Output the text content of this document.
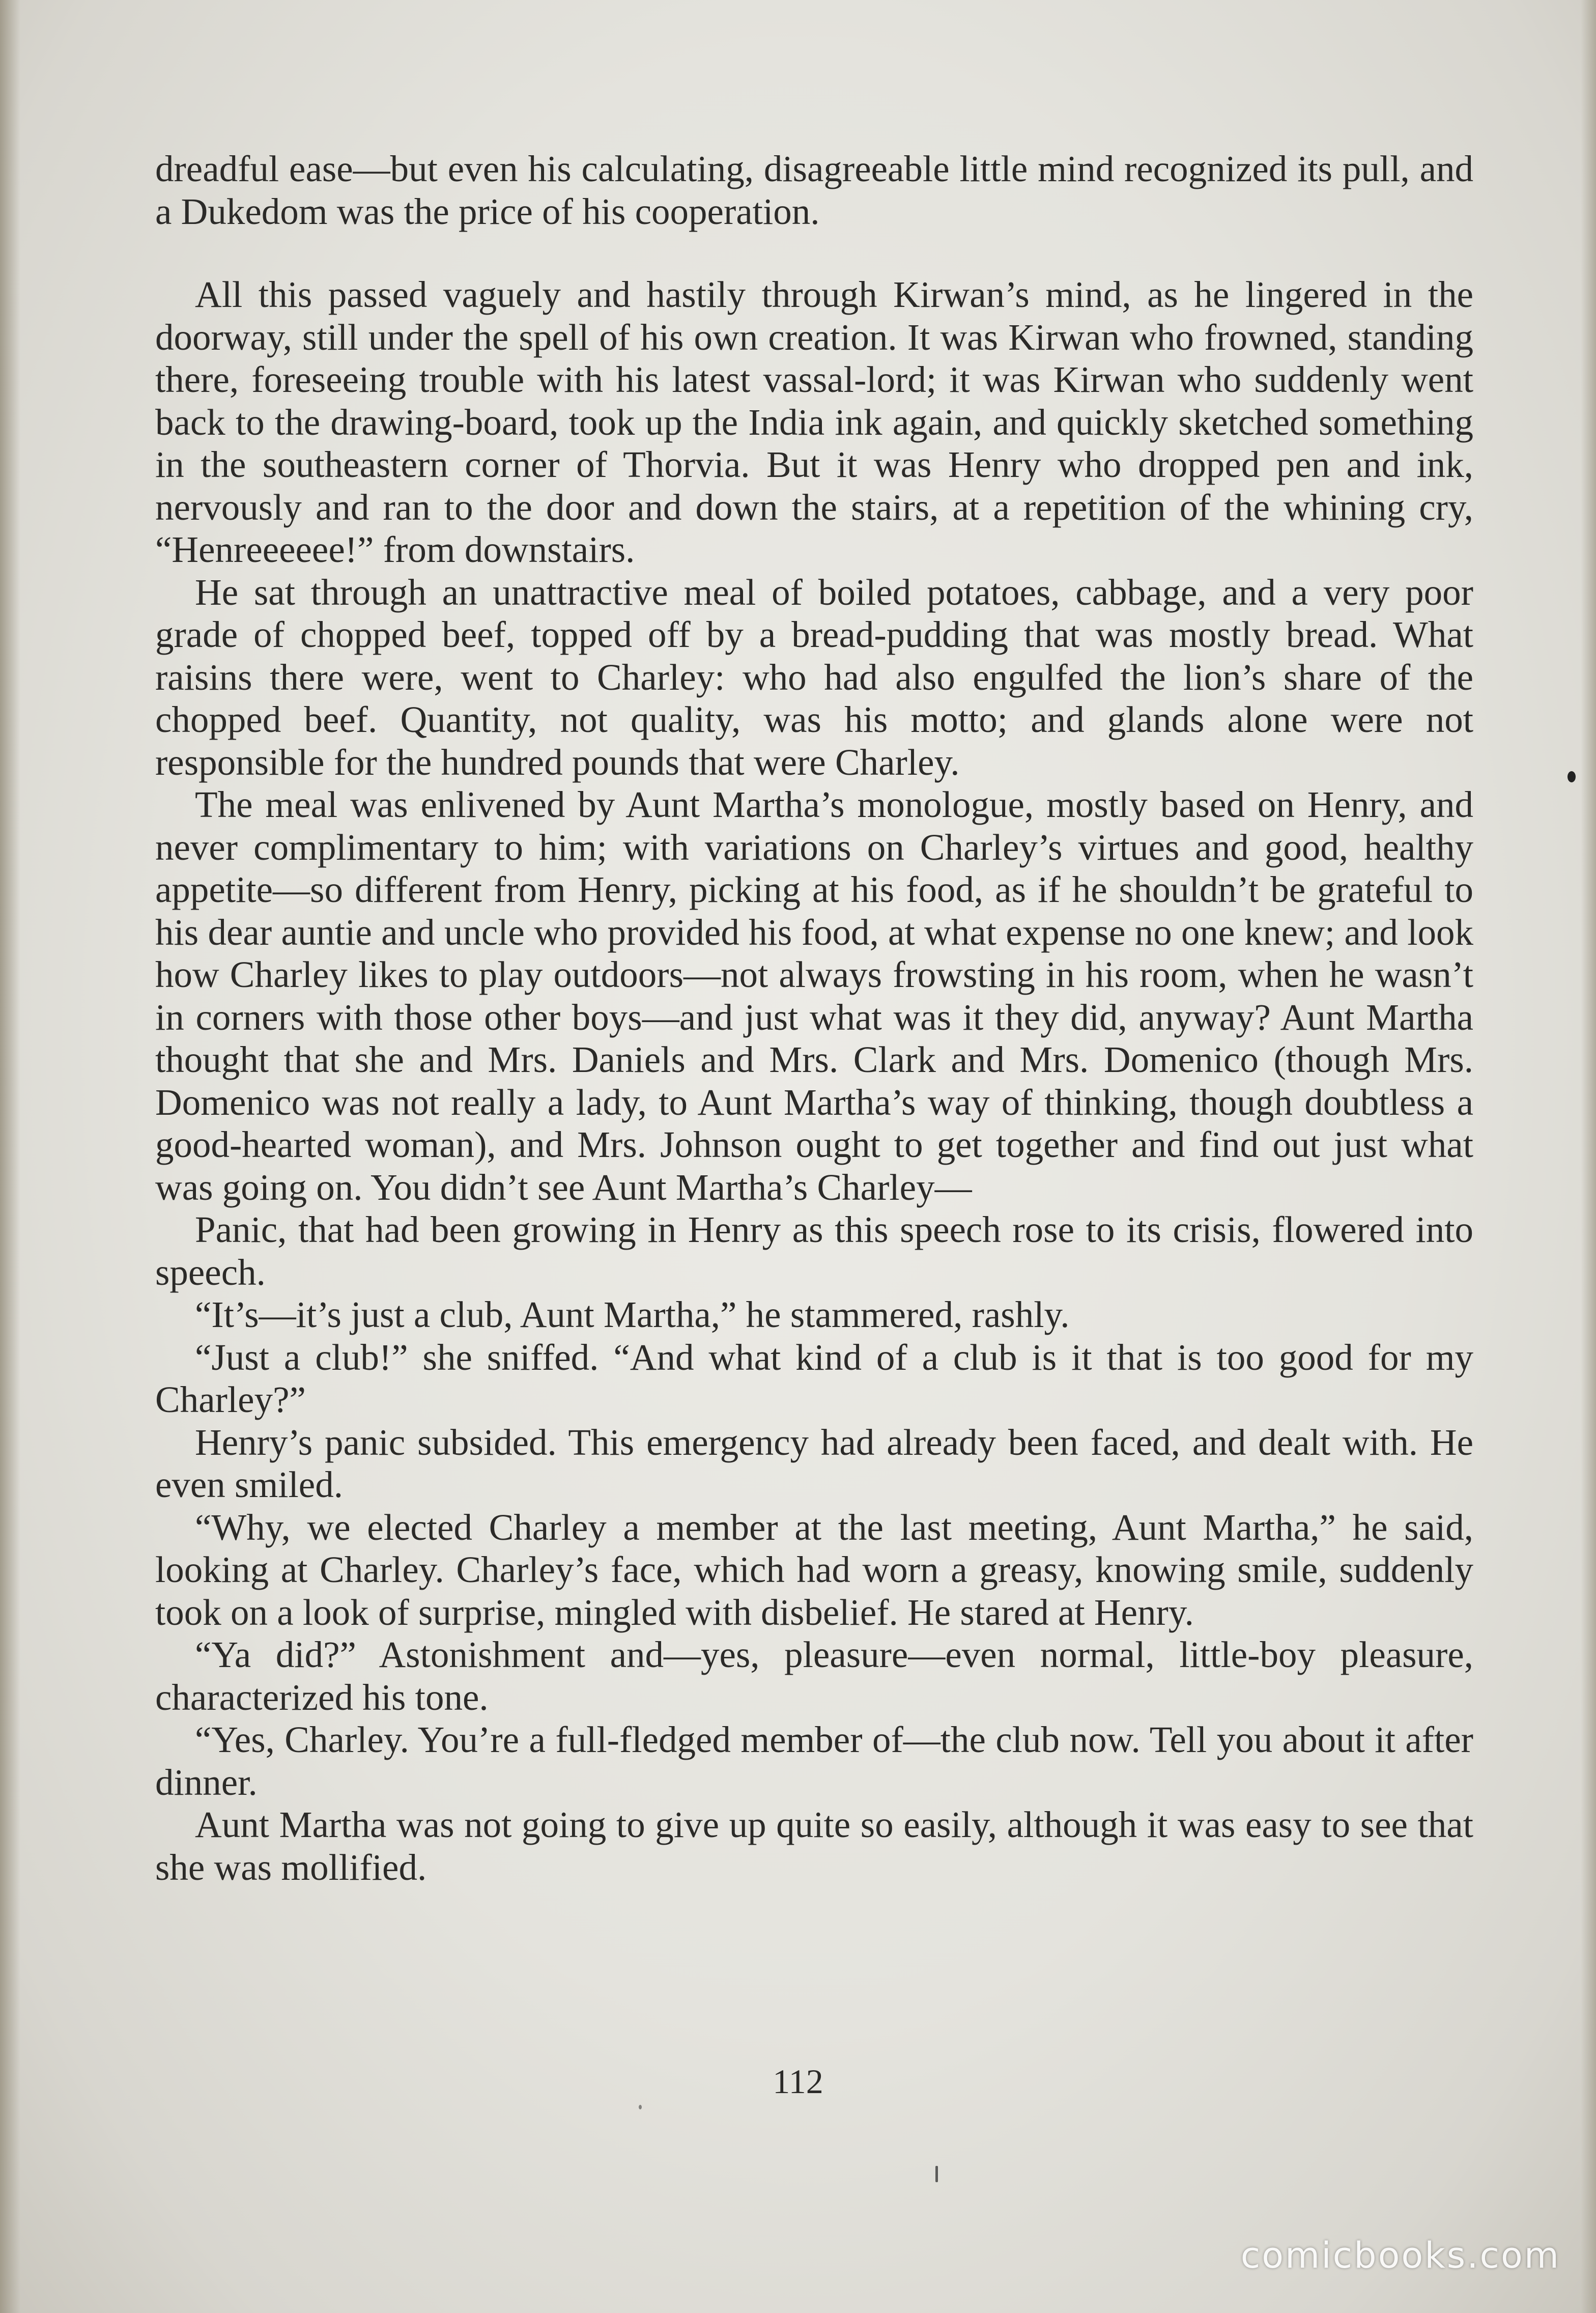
dreadful ease—but even his calculating, disagreeable little mind recognized its pull, and a Dukedom was the price of his cooperation.

All this passed vaguely and hastily through Kirwan’s mind, as he lingered in the doorway, still under the spell of his own creation. It was Kirwan who frowned, standing there, foreseeing trouble with his latest vassal-lord; it was Kirwan who suddenly went back to the drawing-board, took up the India ink again, and quickly sketched something in the southeastern corner of Thorvia. But it was Henry who dropped pen and ink, nervously and ran to the door and down the stairs, at a repetition of the whining cry, “Henreeeeee!” from downstairs.

He sat through an unattractive meal of boiled potatoes, cabbage, and a very poor grade of chopped beef, topped off by a bread-pudding that was mostly bread. What raisins there were, went to Charley: who had also engulfed the lion’s share of the chopped beef. Quantity, not quality, was his motto; and glands alone were not responsible for the hundred pounds that were Charley.

The meal was enlivened by Aunt Martha’s monologue, mostly based on Henry, and never complimentary to him; with variations on Charley’s virtues and good, healthy appetite—so different from Henry, picking at his food, as if he shouldn’t be grateful to his dear auntie and uncle who provided his food, at what expense no one knew; and look how Charley likes to play outdoors—not always frowsting in his room, when he wasn’t in corners with those other boys—and just what was it they did, anyway? Aunt Martha thought that she and Mrs. Daniels and Mrs. Clark and Mrs. Domenico (though Mrs. Domenico was not really a lady, to Aunt Martha’s way of thinking, though doubtless a good-hearted woman), and Mrs. Johnson ought to get together and find out just what was going on. You didn’t see Aunt Martha’s Charley—

Panic, that had been growing in Henry as this speech rose to its crisis, flowered into speech.

“It’s—it’s just a club, Aunt Martha,” he stammered, rashly.

“Just a club!” she sniffed. “And what kind of a club is it that is too good for my Charley?”

Henry’s panic subsided. This emergency had already been faced, and dealt with. He even smiled.

“Why, we elected Charley a member at the last meeting, Aunt Martha,” he said, looking at Charley. Charley’s face, which had worn a greasy, knowing smile, suddenly took on a look of surprise, mingled with disbelief. He stared at Henry.

“Ya did?” Astonishment and—yes, pleasure—even normal, little-boy pleasure, characterized his tone.

“Yes, Charley. You’re a full-fledged member of—the club now. Tell you about it after dinner.

Aunt Martha was not going to give up quite so easily, although it was easy to see that she was mollified.

112
comicbooks.com
